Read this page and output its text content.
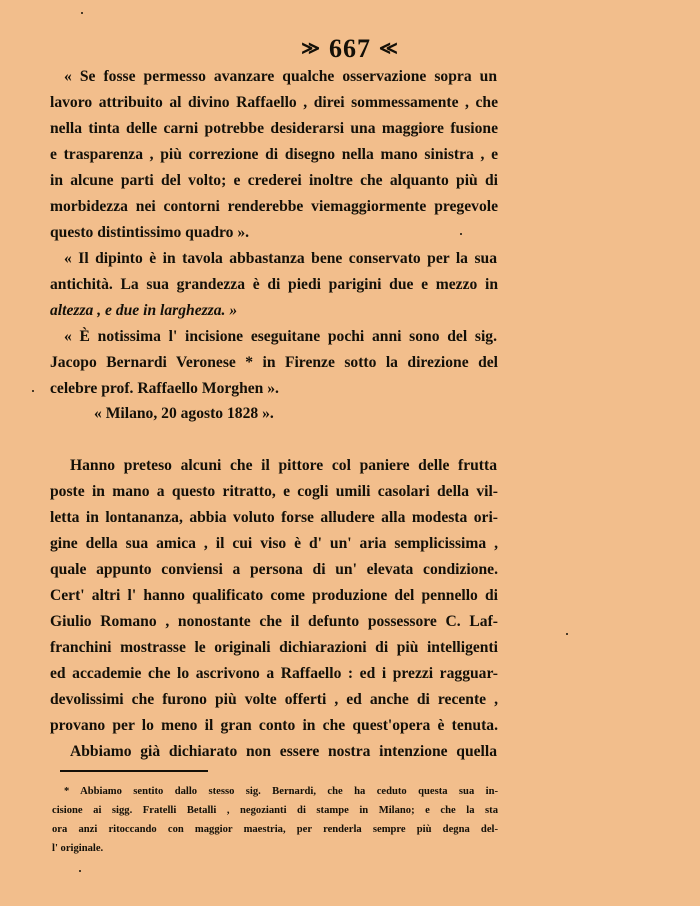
≫ 667 ≪
« Se fosse permesso avanzare qualche osservazione sopra un
lavoro attribuito al divino Raffaello , direi sommessamente , che
nella tinta delle carni potrebbe desiderarsi una maggiore fusione
e trasparenza , più correzione di disegno nella mano sinistra , e
in alcune parti del volto; e crederei inoltre che alquanto più di
morbidezza nei contorni renderebbe viemaggiormente pregevole
questo distintissimo quadro ».
« Il dipinto è in tavola abbastanza bene conservato per la sua
antichità. La sua grandezza è di piedi parigini due e mezzo in
altezza , e due in larghezza. »
« È notissima l' incisione eseguitane pochi anni sono del sig.
Jacopo Bernardi Veronese * in Firenze sotto la direzione del
celebre prof. Raffaello Morghen ».
« Milano, 20 agosto 1828 ».
Hanno preteso alcuni che il pittore col paniere delle frutta
poste in mano a questo ritratto, e cogli umili casolari della vil-
letta in lontananza, abbia voluto forse alludere alla modesta ori-
gine della sua amica , il cui viso è d' un' aria semplicissima ,
quale appunto conviensi a persona di un' elevata condizione.
Cert' altri l' hanno qualificato come produzione del pennello di
Giulio Romano , nonostante che il defunto possessore C. Laf-
franchini mostrasse le originali dichiarazioni di più intelligenti
ed accademie che lo ascrivono a Raffaello : ed i prezzi ragguar-
devolissimi che furono più volte offerti , ed anche di recente ,
provano per lo meno il gran conto in che quest'opera è tenuta.
Abbiamo già dichiarato non essere nostra intenzione quella
* Abbiamo sentito dallo stesso sig. Bernardi, che ha ceduto questa sua in-
cisione ai sigg. Fratelli Betalli , negozianti di stampe in Milano; e che la sta
ora anzi ritoccando con maggior maestria, per renderla sempre più degna del-
l' originale.
